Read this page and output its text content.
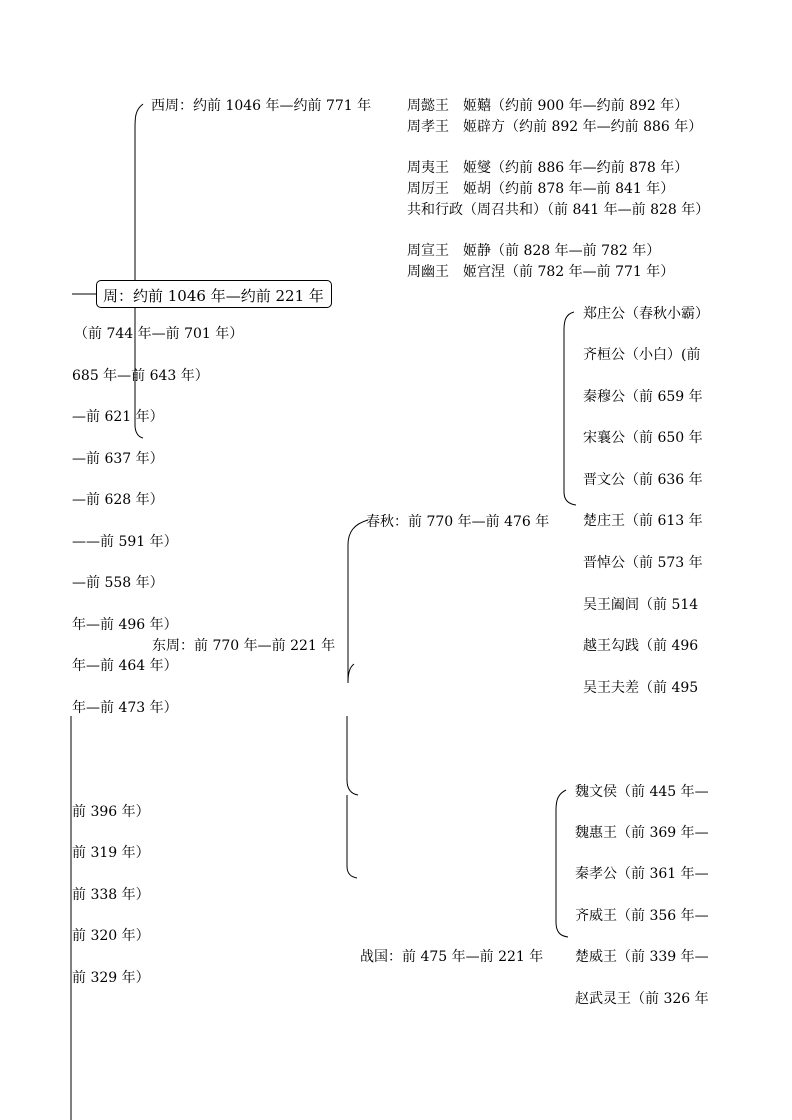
周：约前 1046 年—约前 221 年
西周：约前 1046 年—约前 771 年	周懿王　姬囏（约前 900 年—约前 892 年）
周孝王　姬辟方（约前 892 年—约前 886 年）
周夷王　姬燮（约前 886 年—约前 878 年）
周厉王　姬胡（约前 878 年—前 841 年）
共和行政（周召共和）（前 841 年—前 828 年）
周宣王　姬静（前 828 年—前 782 年）
周幽王　姬宫涅（前 782 年—前 771 年）
春秋：前 770 年—前 476 年
郑庄公（春秋小霸）
齐桓公（小白）(前
秦穆公（前 659 年
宋襄公（前 650 年
晋文公（前 636 年
楚庄王（前 613 年
晋悼公（前 573 年
吴王阖闾（前 514
越王勾践（前 496
吴王夫差（前 495
东周：前 770 年—前 221 年
战国：前 475 年—前 221 年
魏文侯（前 445 年—
魏惠王（前 369 年—
秦孝公（前 361 年—
齐威王（前 356 年—
楚威王（前 339 年—
赵武灵王（前 326 年
（前 744 年—前 701 年）
685 年—前 643 年）
—前 621 年）
—前 637 年）
—前 628 年）
——前 591 年）
—前 558 年）
年—前 496 年）
年—前 464 年）
年—前 473 年）
前 396 年）
前 319 年）
前 338 年）
前 320 年）
前 329 年）
